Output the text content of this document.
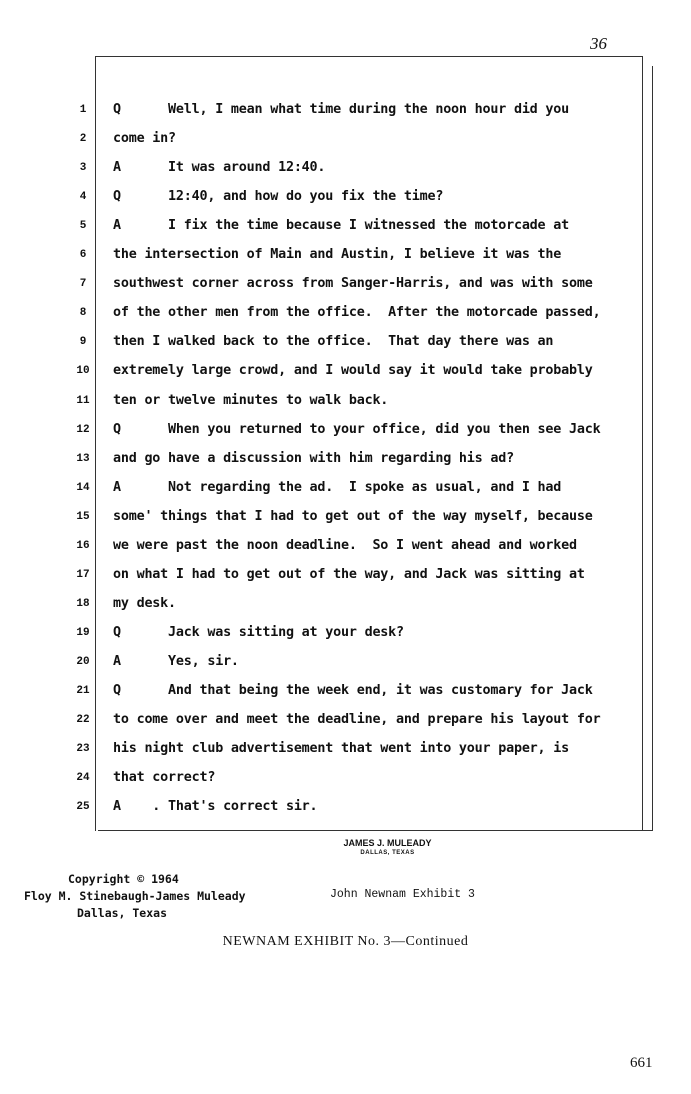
36
1	Q      Well, I mean what time during the noon hour did you
2	come in?
3	A      It was around 12:40.
4	Q      12:40, and how do you fix the time?
5	A      I fix the time because I witnessed the motorcade at
6	the intersection of Main and Austin, I believe it was the
7	southwest corner across from Sanger-Harris, and was with some
8	of the other men from the office.  After the motorcade passed,
9	then I walked back to the office.  That day there was an
10	extremely large crowd, and I would say it would take probably
11	ten or twelve minutes to walk back.
12	Q      When you returned to your office, did you then see Jack
13	and go have a discussion with him regarding his ad?
14	A      Not regarding the ad.  I spoke as usual, and I had
15	some' things that I had to get out of the way myself, because
16	we were past the noon deadline.  So I went ahead and worked
17	on what I had to get out of the way, and Jack was sitting at
18	my desk.
19	Q      Jack was sitting at your desk?
20	A      Yes, sir.
21	Q      And that being the week end, it was customary for Jack
22	to come over and meet the deadline, and prepare his layout for
23	his night club advertisement that went into your paper, is
24	that correct?
25	A    . That's correct sir.
JAMES J. MULEADY
DALLAS, TEXAS
Copyright © 1964
Floy M. Stinebaugh-James Muleady
Dallas, Texas
John Newnam Exhibit 3
NEWNAM EXHIBIT No. 3—Continued
661
